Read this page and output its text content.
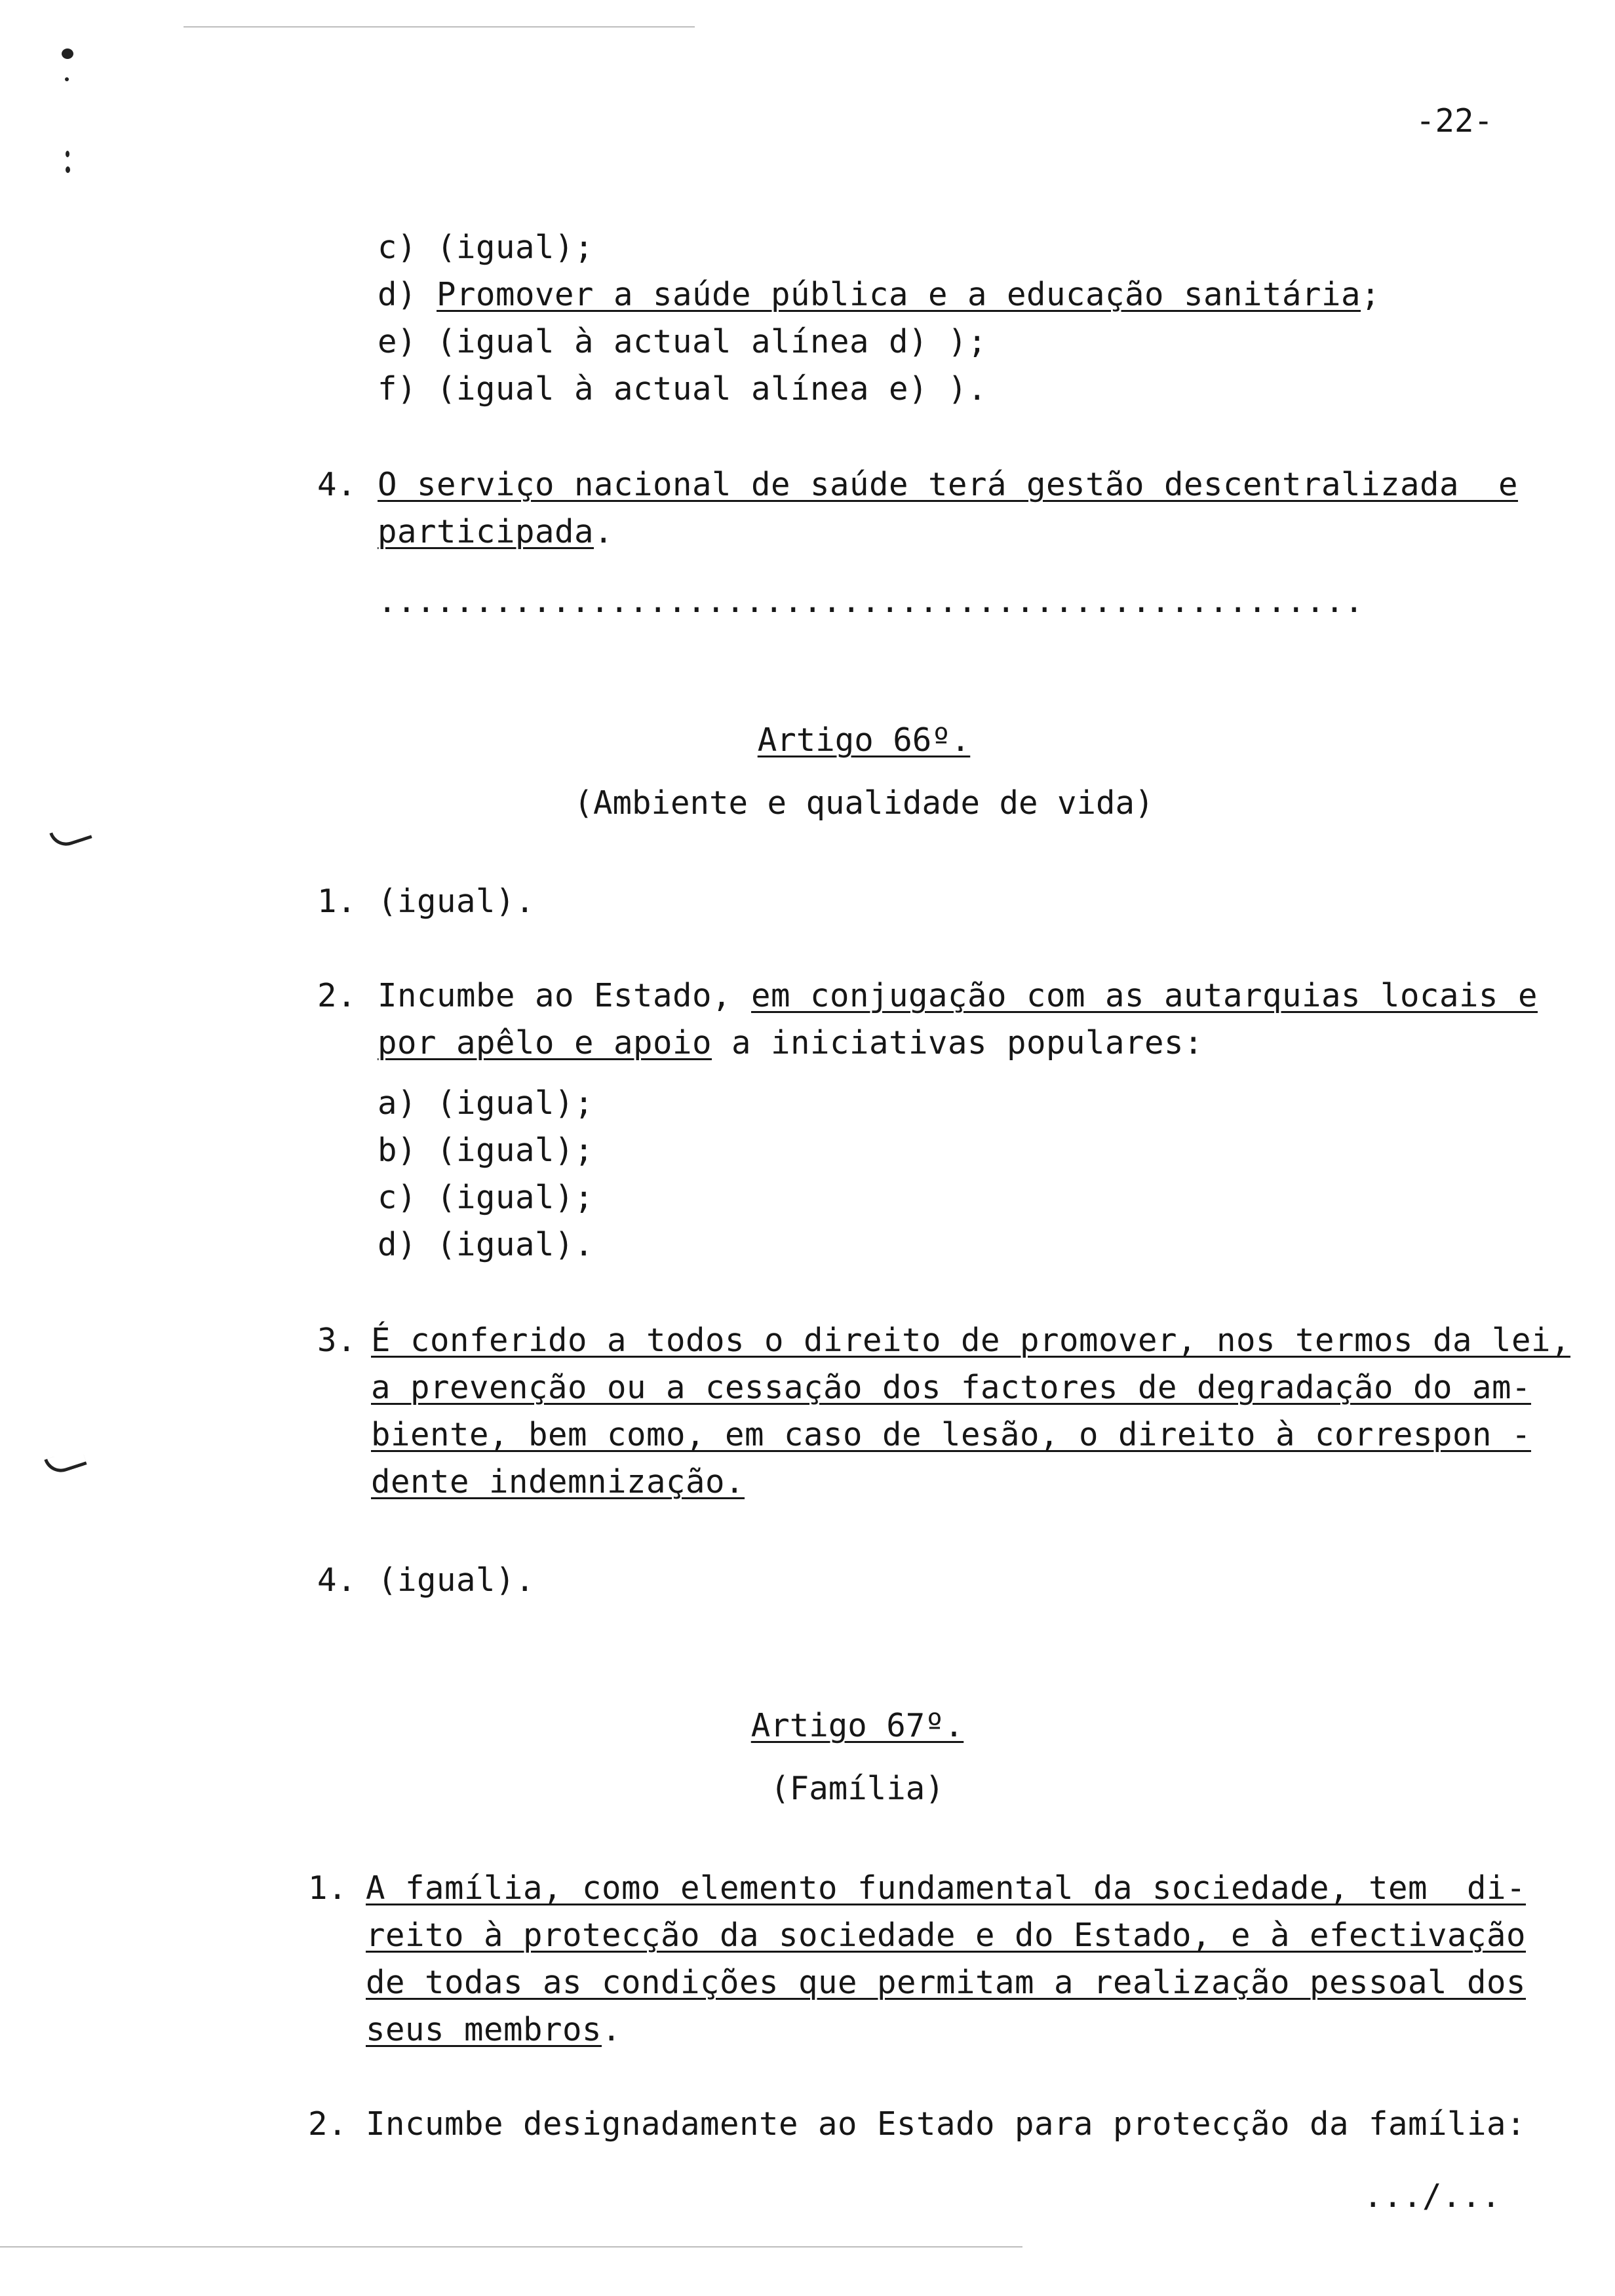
-22-
c) (igual);
d) Promover a saúde pública e a educação sanitária;
e) (igual à actual alínea d) );
f) (igual à actual alínea e) ).
4. O serviço nacional de saúde terá gestão descentralizada  e
participada.
...................................................
Artigo 66º.
(Ambiente e qualidade de vida)
1. (igual).
2. Incumbe ao Estado, em conjugação com as autarquias locais e
por apêlo e apoio a iniciativas populares:
a) (igual);
b) (igual);
c) (igual);
d) (igual).
3. É conferido a todos o direito de promover, nos termos da lei,
a prevenção ou a cessação dos factores de degradação do am-
biente, bem como, em caso de lesão, o direito à correspon -
dente indemnização.
4. (igual).
Artigo 67º.
(Família)
1. A família, como elemento fundamental da sociedade, tem  di-
reito à protecção da sociedade e do Estado, e à efectivação
de todas as condições que permitam a realização pessoal dos
seus membros.
2. Incumbe designadamente ao Estado para protecção da família:
.../...
